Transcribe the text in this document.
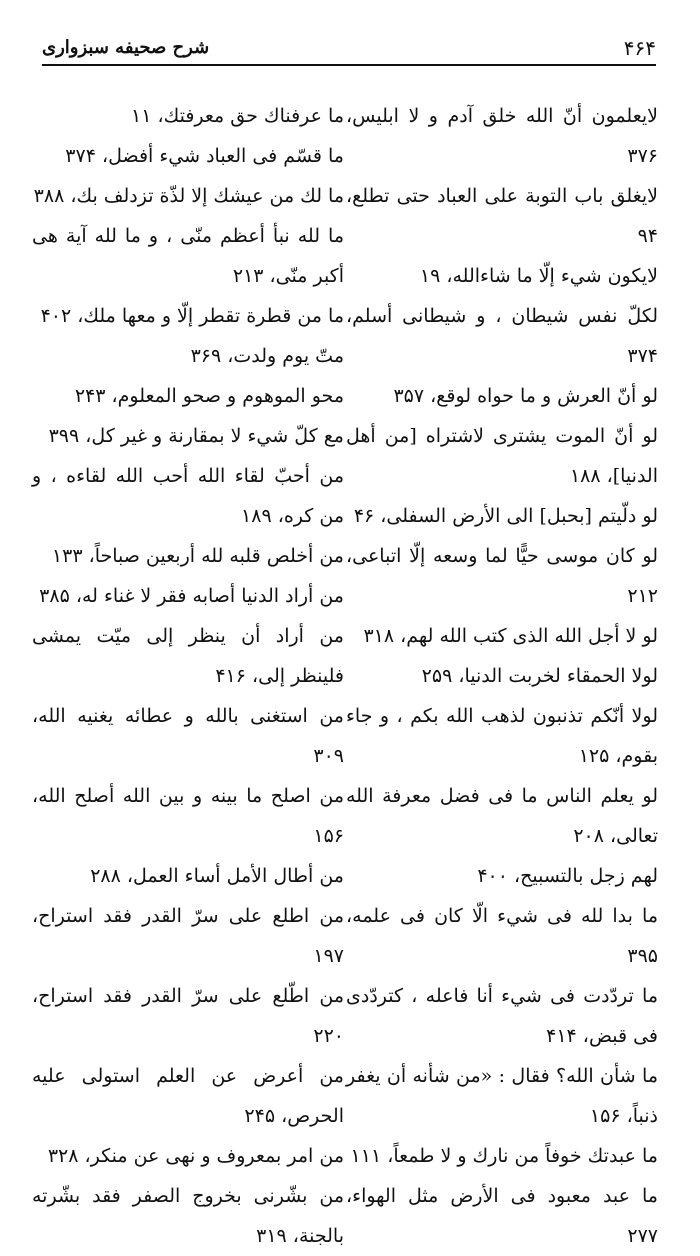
۴۶۴
شرح صحيفه سبزوارى
لايعلمون أنّ الله خلق آدم و لا ابليس، ٣٧۶
لايغلق باب التوبة على العباد حتى تطلع، ٩۴
لايكون شيء إلّا ما شاءالله، ١٩
لكلّ نفس شيطان ، و شيطانى أسلم، ٣٧۴
لو أنّ العرش و ما حواه لوقع، ٣۵٧
لو أنّ الموت يشترى لاشتراه [من أهل الدنيا]، ١٨٨
لو دلّيتم [بحبل] الى الأرض السفلى، ۴۶
لو كان موسى حيًّا لما وسعه إلّا اتباعى، ٢١٢
لو لا أجل الله الذى كتب الله لهم، ٣١٨
لولا الحمقاء لخربت الدنيا، ٢۵٩
لولا أنّكم تذنبون لذهب الله بكم ، و جاء بقوم، ١٢۵
لو يعلم الناس ما فى فضل معرفة الله تعالى، ٢٠٨
لهم زجل بالتسبيح، ۴٠٠
ما بدا لله فى شيء الّا كان فى علمه، ٣٩۵
ما تردّدت فى شيء أنا فاعله ، كتردّدى فى قبض، ۴١۴
ما شأن الله؟ فقال : «من شأنه أن يغفر ذنباً، ١۵۶
ما عبدتك خوفاً من نارك و لا طمعاً، ١١١
ما عبد معبود فى الأرض مثل الهواء، ٢٧٧
ما عرفناك حق معرفتك، ١١
ما قسّم فى العباد شيء أفضل، ٣٧۴
ما لك من عيشك إلا لذّة تزدلف بك، ٣٨٨
ما لله نبأ أعظم منّى ، و ما لله آية هى أكبر منّى، ٢١٣
ما من قطرة تقطر إلّا و معها ملك، ۴٠٢
متّ يوم ولدت، ٣۶٩
محو الموهوم و صحو المعلوم، ٢۴٣
مع كلّ شيء لا بمقارنة و غير كل، ٣٩٩
من أحبّ لقاء الله أحب الله لقاءه ، و من كره، ١٨٩
من أخلص قلبه لله أربعين صباحاً، ١٣٣
من أراد الدنيا أصابه فقر لا غناء له، ٣٨۵
من أراد أن ينظر إلى ميّت يمشى فلينظر إلى، ۴١۶
من استغنى بالله و عطائه يغنيه الله، ٣٠٩
من اصلح ما بينه و بين الله أصلح الله، ١۵۶
من أطال الأمل أساء العمل، ٢٨٨
من اطلع على سرّ القدر فقد استراح، ١٩٧
من اطّلع على سرّ القدر فقد استراح، ٢٢٠
من أعرض عن العلم استولى عليه الحرص، ٢۴۵
من امر بمعروف و نهى عن منكر، ٣٢٨
من بشّرنى بخروج الصفر فقد بشّرته بالجنة، ٣١٩
